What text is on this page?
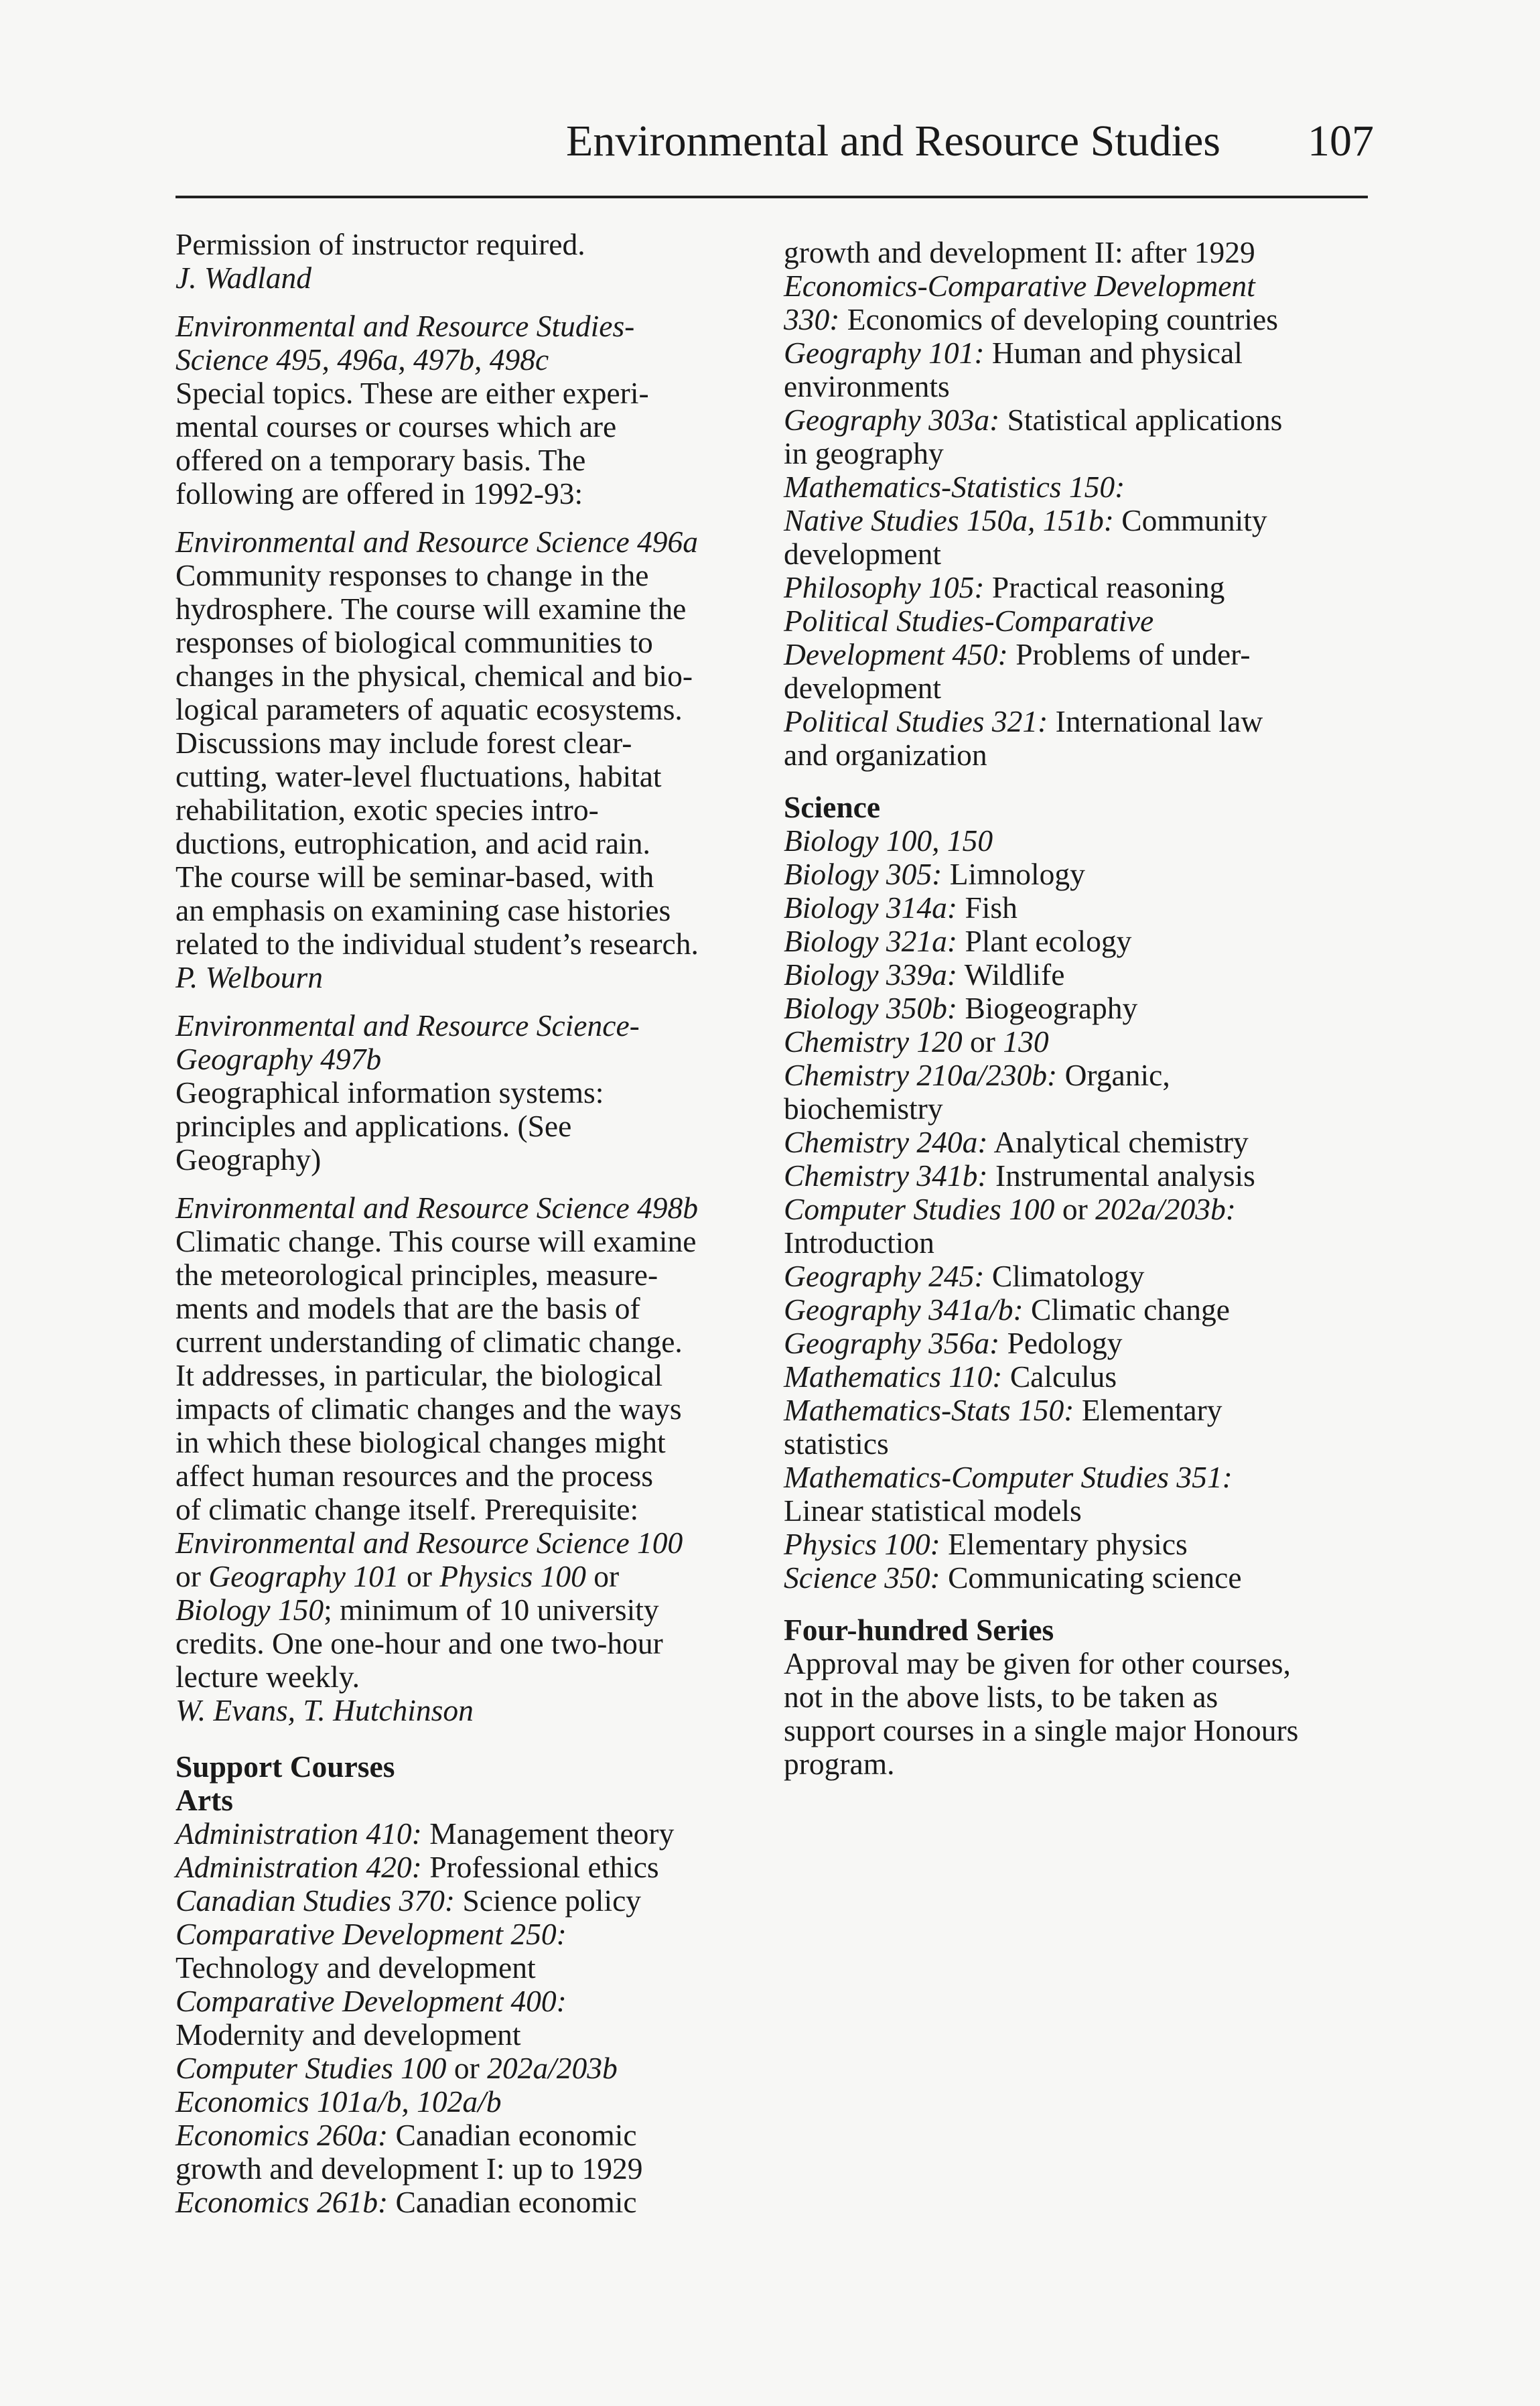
Environmental and Resource Studies 107
Permission of instructor required.
J. Wadland
Environmental and Resource Studies-
Science 495, 496a, 497b, 498c
Special topics. These are either experi-
mental courses or courses which are
offered on a temporary basis. The
following are offered in 1992-93:
Environmental and Resource Science 496a
Community responses to change in the
hydrosphere. The course will examine the
responses of biological communities to
changes in the physical, chemical and bio-
logical parameters of aquatic ecosystems.
Discussions may include forest clear-
cutting, water-level fluctuations, habitat
rehabilitation, exotic species intro-
ductions, eutrophication, and acid rain.
The course will be seminar-based, with
an emphasis on examining case histories
related to the individual student’s research.
P. Welbourn
Environmental and Resource Science-
Geography 497b
Geographical information systems:
principles and applications. (See
Geography)
Environmental and Resource Science 498b
Climatic change. This course will examine
the meteorological principles, measure-
ments and models that are the basis of
current understanding of climatic change.
It addresses, in particular, the biological
impacts of climatic changes and the ways
in which these biological changes might
affect human resources and the process
of climatic change itself. Prerequisite:
Environmental and Resource Science 100
or Geography 101 or Physics 100 or
Biology 150; minimum of 10 university
credits. One one-hour and one two-hour
lecture weekly.
W. Evans, T. Hutchinson
Support Courses
Arts
Administration 410: Management theory
Administration 420: Professional ethics
Canadian Studies 370: Science policy
Comparative Development 250:
Technology and development
Comparative Development 400:
Modernity and development
Computer Studies 100 or 202a/203b
Economics 101a/b, 102a/b
Economics 260a: Canadian economic
growth and development I: up to 1929
Economics 261b: Canadian economic
growth and development II: after 1929
Economics-Comparative Development
330: Economics of developing countries
Geography 101: Human and physical
environments
Geography 303a: Statistical applications
in geography
Mathematics-Statistics 150:
Native Studies 150a, 151b: Community
development
Philosophy 105: Practical reasoning
Political Studies-Comparative
Development 450: Problems of under-
development
Political Studies 321: International law
and organization
Science
Biology 100, 150
Biology 305: Limnology
Biology 314a: Fish
Biology 321a: Plant ecology
Biology 339a: Wildlife
Biology 350b: Biogeography
Chemistry 120 or 130
Chemistry 210a/230b: Organic,
biochemistry
Chemistry 240a: Analytical chemistry
Chemistry 341b: Instrumental analysis
Computer Studies 100 or 202a/203b:
Introduction
Geography 245: Climatology
Geography 341a/b: Climatic change
Geography 356a: Pedology
Mathematics 110: Calculus
Mathematics-Stats 150: Elementary
statistics
Mathematics-Computer Studies 351:
Linear statistical models
Physics 100: Elementary physics
Science 350: Communicating science
Four-hundred Series
Approval may be given for other courses,
not in the above lists, to be taken as
support courses in a single major Honours
program.
